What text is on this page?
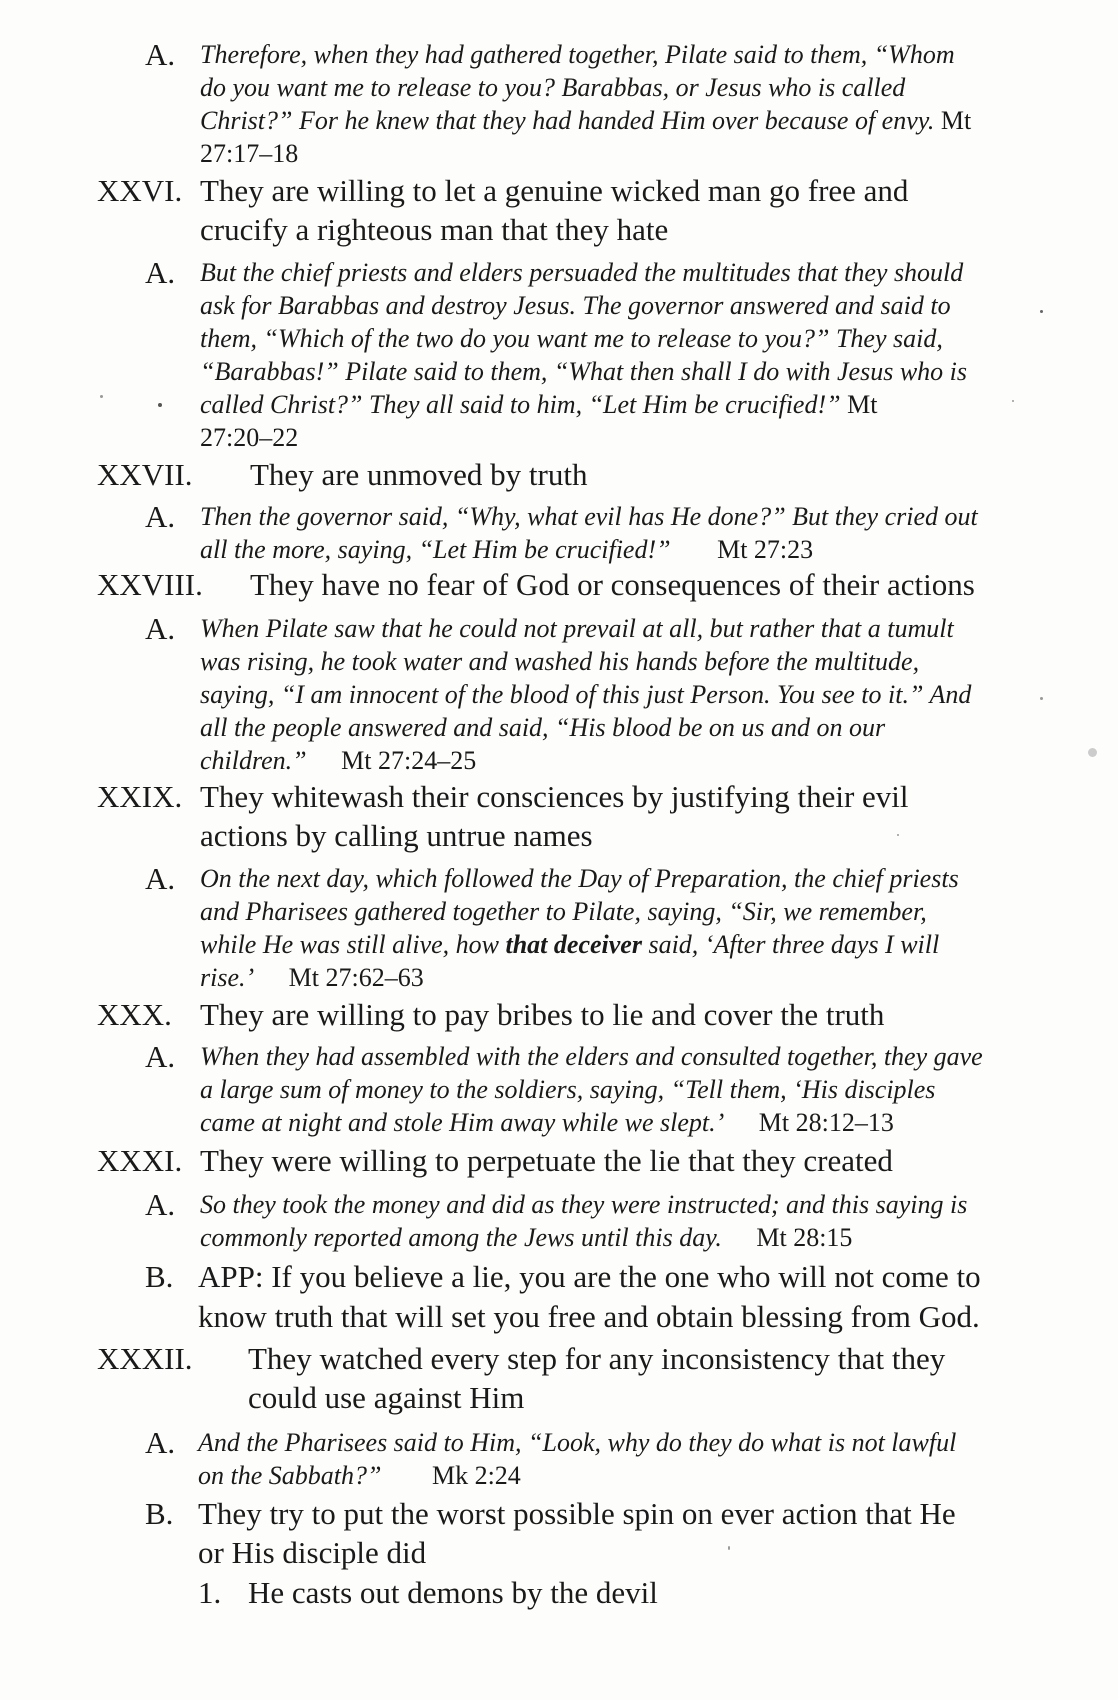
A. Therefore, when they had gathered together, Pilate said to them, “Whom
do you want me to release to you? Barabbas, or Jesus who is called
Christ?” For he knew that they had handed Him over because of envy. Mt
27:17–18
XXVI. They are willing to let a genuine wicked man go free and
crucify a righteous man that they hate
A. But the chief priests and elders persuaded the multitudes that they should
ask for Barabbas and destroy Jesus. The governor answered and said to
them, “Which of the two do you want me to release to you?” They said,
“Barabbas!” Pilate said to them, “What then shall I do with Jesus who is
called Christ?” They all said to him, “Let Him be crucified!” Mt
27:20–22
XXVII. They are unmoved by truth
A. Then the governor said, “Why, what evil has He done?” But they cried out
all the more, saying, “Let Him be crucified!” Mt 27:23
XXVIII. They have no fear of God or consequences of their actions
A. When Pilate saw that he could not prevail at all, but rather that a tumult
was rising, he took water and washed his hands before the multitude,
saying, “I am innocent of the blood of this just Person. You see to it.” And
all the people answered and said, “His blood be on us and on our
children.” Mt 27:24–25
XXIX. They whitewash their consciences by justifying their evil
actions by calling untrue names
A. On the next day, which followed the Day of Preparation, the chief priests
and Pharisees gathered together to Pilate, saying, “Sir, we remember,
while He was still alive, how that deceiver said, ‘After three days I will
rise.’ Mt 27:62–63
XXX. They are willing to pay bribes to lie and cover the truth
A. When they had assembled with the elders and consulted together, they gave
a large sum of money to the soldiers, saying, “Tell them, ‘His disciples
came at night and stole Him away while we slept.’ Mt 28:12–13
XXXI. They were willing to perpetuate the lie that they created
A. So they took the money and did as they were instructed; and this saying is
commonly reported among the Jews until this day. Mt 28:15
B. APP: If you believe a lie, you are the one who will not come to
know truth that will set you free and obtain blessing from God.
XXXII. They watched every step for any inconsistency that they
could use against Him
A. And the Pharisees said to Him, “Look, why do they do what is not lawful
on the Sabbath?” Mk 2:24
B. They try to put the worst possible spin on ever action that He
or His disciple did
1. He casts out demons by the devil
